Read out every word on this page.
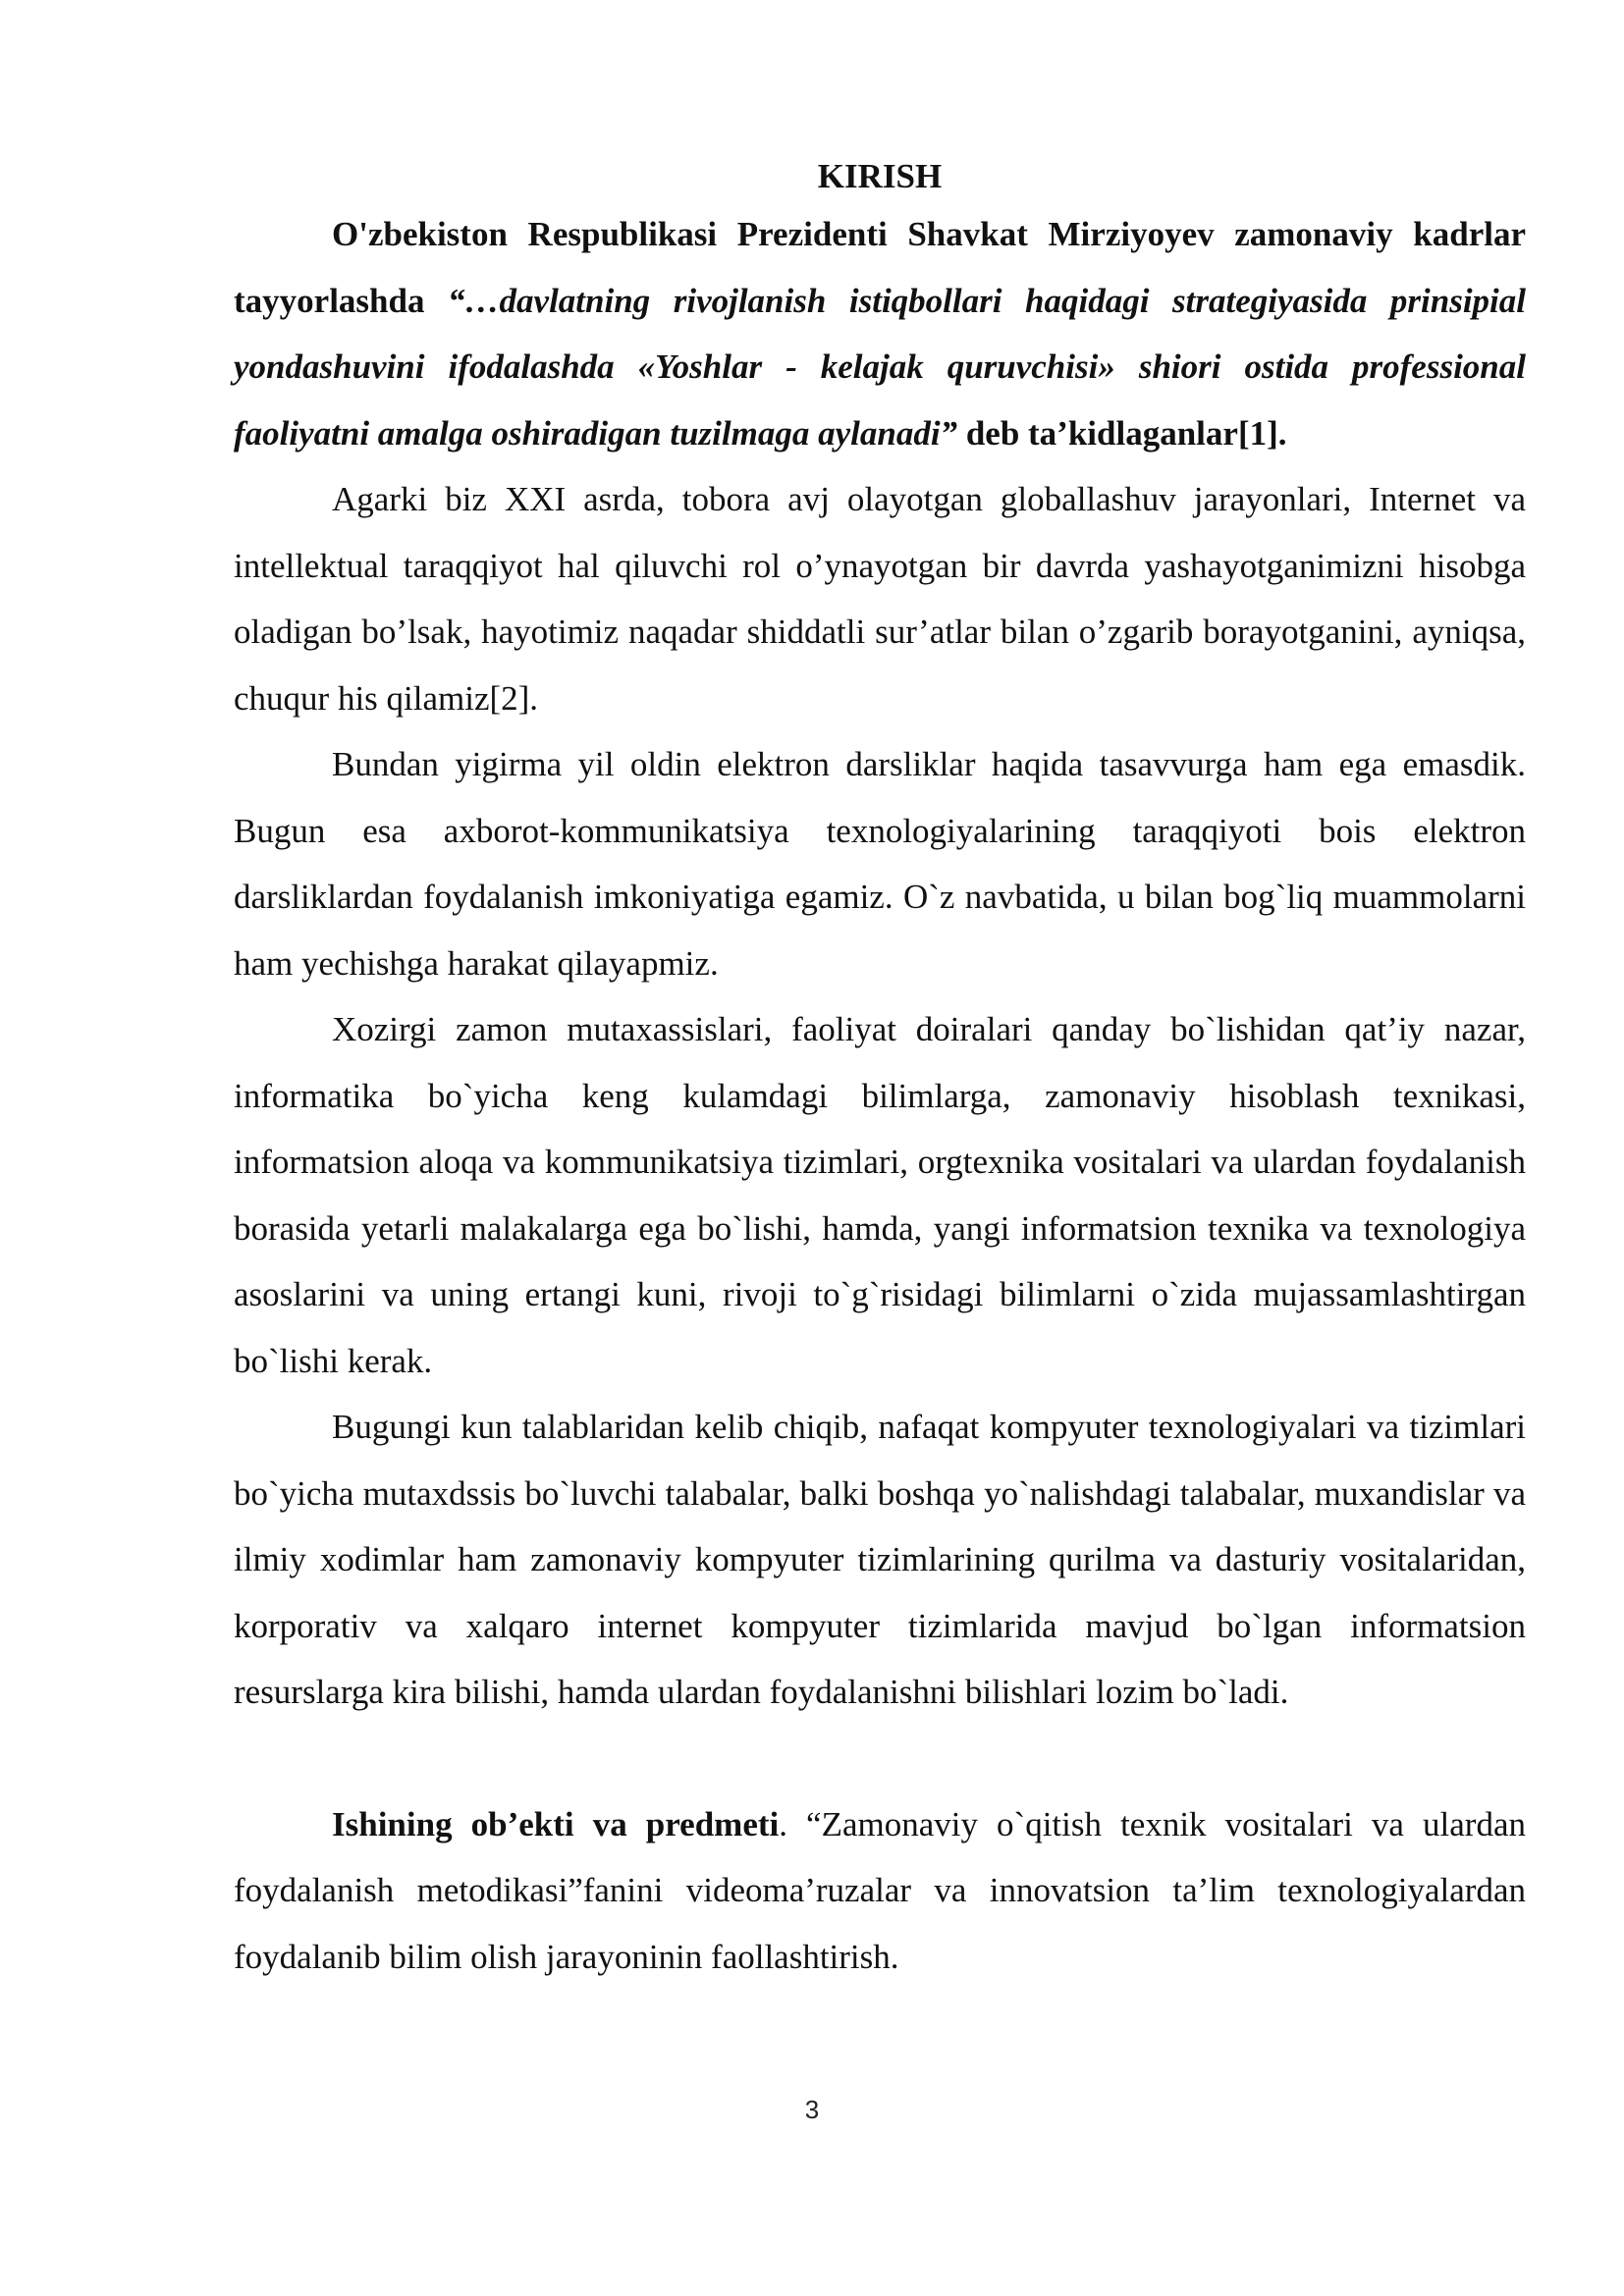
KIRISH

O'zbekiston Respublikasi Prezidenti Shavkat Mirziyoyev zamonaviy kadrlar tayyorlashda “…davlatning rivojlanish istiqbollari haqidagi strategiyasida prinsipial yondashuvini ifodalashda «Yoshlar - kelajak quruvchisi» shiori ostida professional faoliyatni amalga oshiradigan tuzilmaga aylanadi” deb ta’kidlaganlar[1].

Agarki biz XXI asrda, tobora avj olayotgan globallashuv jarayonlari, Internet va intellektual taraqqiyot hal qiluvchi rol o’ynayotgan bir davrda yashayotganimizni hisobga oladigan bo’lsak, hayotimiz naqadar shiddatli sur’atlar bilan o’zgarib borayotganini, ayniqsa, chuqur his qilamiz[2].

Bundan yigirma yil oldin elektron darsliklar haqida tasavvurga ham ega emasdik. Bugun esa axborot-kommunikatsiya texnologiyalarining taraqqiyoti bois elektron darsliklardan foydalanish imkoniyatiga egamiz. O`z navbatida, u bilan bog`liq muammolarni ham yechishga harakat qilayapmiz.

Xozirgi zamon mutaxassislari, faoliyat doiralari qanday bo`lishidan qat’iy nazar, informatika bo`yicha keng kulamdagi bilimlarga, zamonaviy hisoblash texnikasi, informatsion aloqa va kommunikatsiya tizimlari, orgtexnika vositalari va ulardan foydalanish borasida yetarli malakalarga ega bo`lishi, hamda, yangi informatsion texnika va texnologiya asoslarini va uning ertangi kuni, rivoji to`g`risidagi bilimlarni o`zida mujassamlashtirgan bo`lishi kerak.

Bugungi kun talablaridan kelib chiqib, nafaqat kompyuter texnologiyalari va tizimlari bo`yicha mutaxdssis bo`luvchi talabalar, balki boshqa yo`nalishdagi talabalar, muxandislar va ilmiy xodimlar ham zamonaviy kompyuter tizimlarining qurilma va dasturiy vositalaridan, korporativ va xalqaro internet kompyuter tizimlarida mavjud bo`lgan informatsion resurslarga kira bilishi, hamda ulardan foydalanishni bilishlari lozim bo`ladi.

Ishining ob’ekti va predmeti. “Zamonaviy o`qitish texnik vositalari va ulardan foydalanish metodikasi”fanini videoma’ruzalar va innovatsion ta’lim texnologiyalardan foydalanib bilim olish jarayoninin faollashtirish.

3
